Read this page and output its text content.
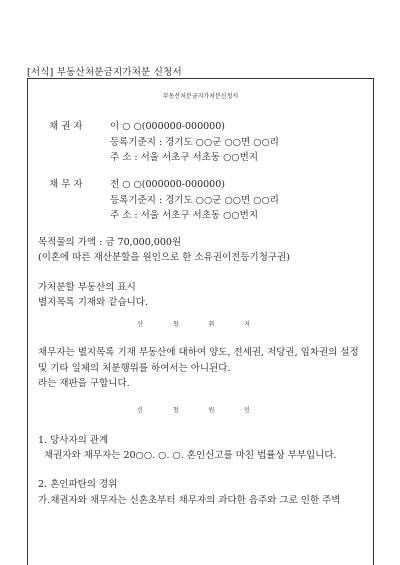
[서식] 부동산처분금지가처분 신청서
부동산처분금지가처분신청서
채 권 자	이 ○ ○(000000-000000)
등록기준지 : 경기도 ○○군 ○○면 ○○리
주 소 : 서울 서초구 서초동 ○○번지
채 무 자	전 ○ ○(000000-000000)
등록기준지 : 경기도 ○○군 ○○면 ○○리
주 소 : 서울 서초구 서초동 ○○번지
목적물의 가액 : 금 70,000,000원
(이혼에 따른 재산분할을 원인으로 한 소유권이전등기청구권)
가처분할 부동산의 표시
별지목록 기재와 같습니다.
신 청 취 지
채무자는 별지목록 기재 부동산에 대하여 양도, 전세권, 저당권, 임차권의 설정
및 기타 일체의 처분행위를 하여서는 아니된다.
라는 재판을 구합니다.
신 청 원 인
1. 당사자의 관계
채권자와 채무자는 20○○. ○. ○. 혼인신고를 마친 법률상 부부입니다.
2. 혼인파탄의 경위
가.채권자와 채무자는 신혼초부터 채무자의 과다한 음주와 그로 인한 주벽
